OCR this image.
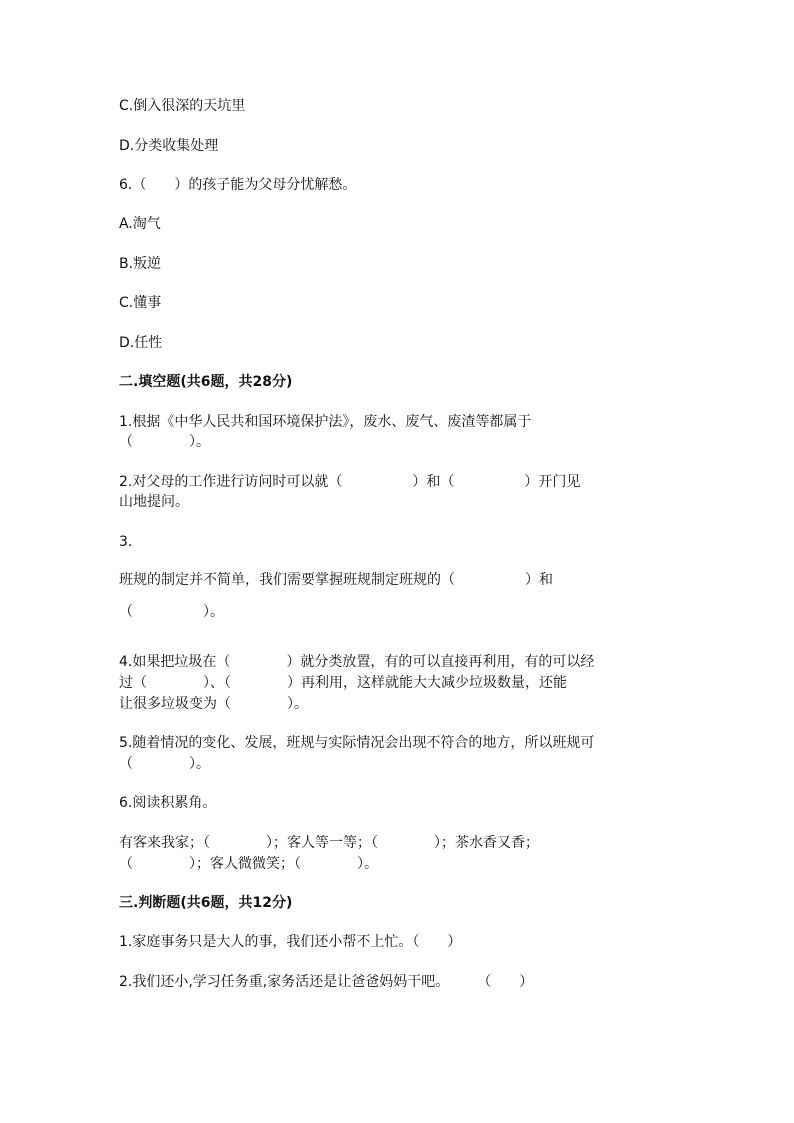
C.倒入很深的天坑里
D.分类收集处理
6.（　　）的孩子能为父母分忧解愁。
A.淘气
B.叛逆
C.懂事
D.任性
二.填空题(共6题，共28分)
1.根据《中华人民共和国环境保护法》，废水、废气、废渣等都属于
（　　　　）。
2.对父母的工作进行访问时可以就（　　　　　）和（　　　　　）开门见
山地提问。
3.
班规的制定并不简单，我们需要掌握班规制定班规的（　　　　　）和
（　　　　　）。
4.如果把垃圾在（　　　　）就分类放置，有的可以直接再利用，有的可以经
过（　　　　）、（　　　　）再利用，这样就能大大减少垃圾数量，还能
让很多垃圾变为（　　　　）。
5.随着情况的变化、发展，班规与实际情况会出现不符合的地方，所以班规可
（　　　　）。
6.阅读积累角。
有客来我家；（　　　　）；客人等一等；（　　　　）；茶水香又香；
（　　　　）；客人微微笑；（　　　　）。
三.判断题(共6题，共12分)
1.家庭事务只是大人的事，我们还小帮不上忙。（　　）
2.我们还小,学习任务重,家务活还是让爸爸妈妈干吧。　　　（　　）
